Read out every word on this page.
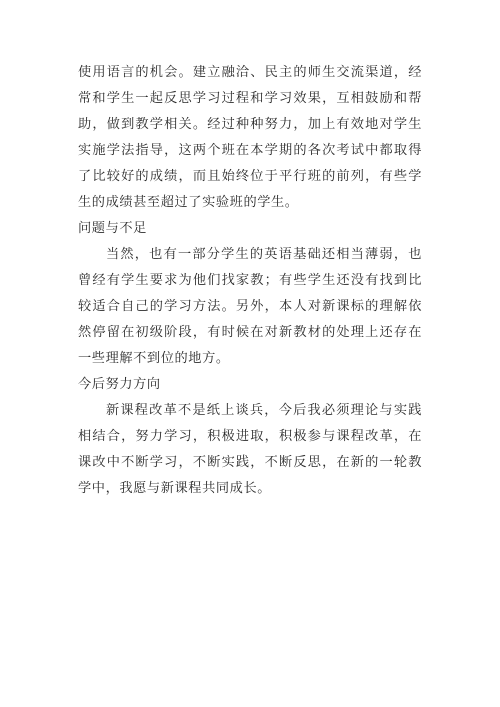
使用语言的机会。建立融洽、民主的师生交流渠道，经常和学生一起反思学习过程和学习效果，互相鼓励和帮助，做到教学相关。经过种种努力，加上有效地对学生实施学法指导，这两个班在本学期的各次考试中都取得了比较好的成绩，而且始终位于平行班的前列，有些学生的成绩甚至超过了实验班的学生。

问题与不足

当然，也有一部分学生的英语基础还相当薄弱，也曾经有学生要求为他们找家教；有些学生还没有找到比较适合自己的学习方法。另外，本人对新课标的理解依然停留在初级阶段，有时候在对新教材的处理上还存在一些理解不到位的地方。

今后努力方向

新课程改革不是纸上谈兵，今后我必须理论与实践相结合，努力学习，积极进取，积极参与课程改革，在课改中不断学习，不断实践，不断反思，在新的一轮教学中，我愿与新课程共同成长。
